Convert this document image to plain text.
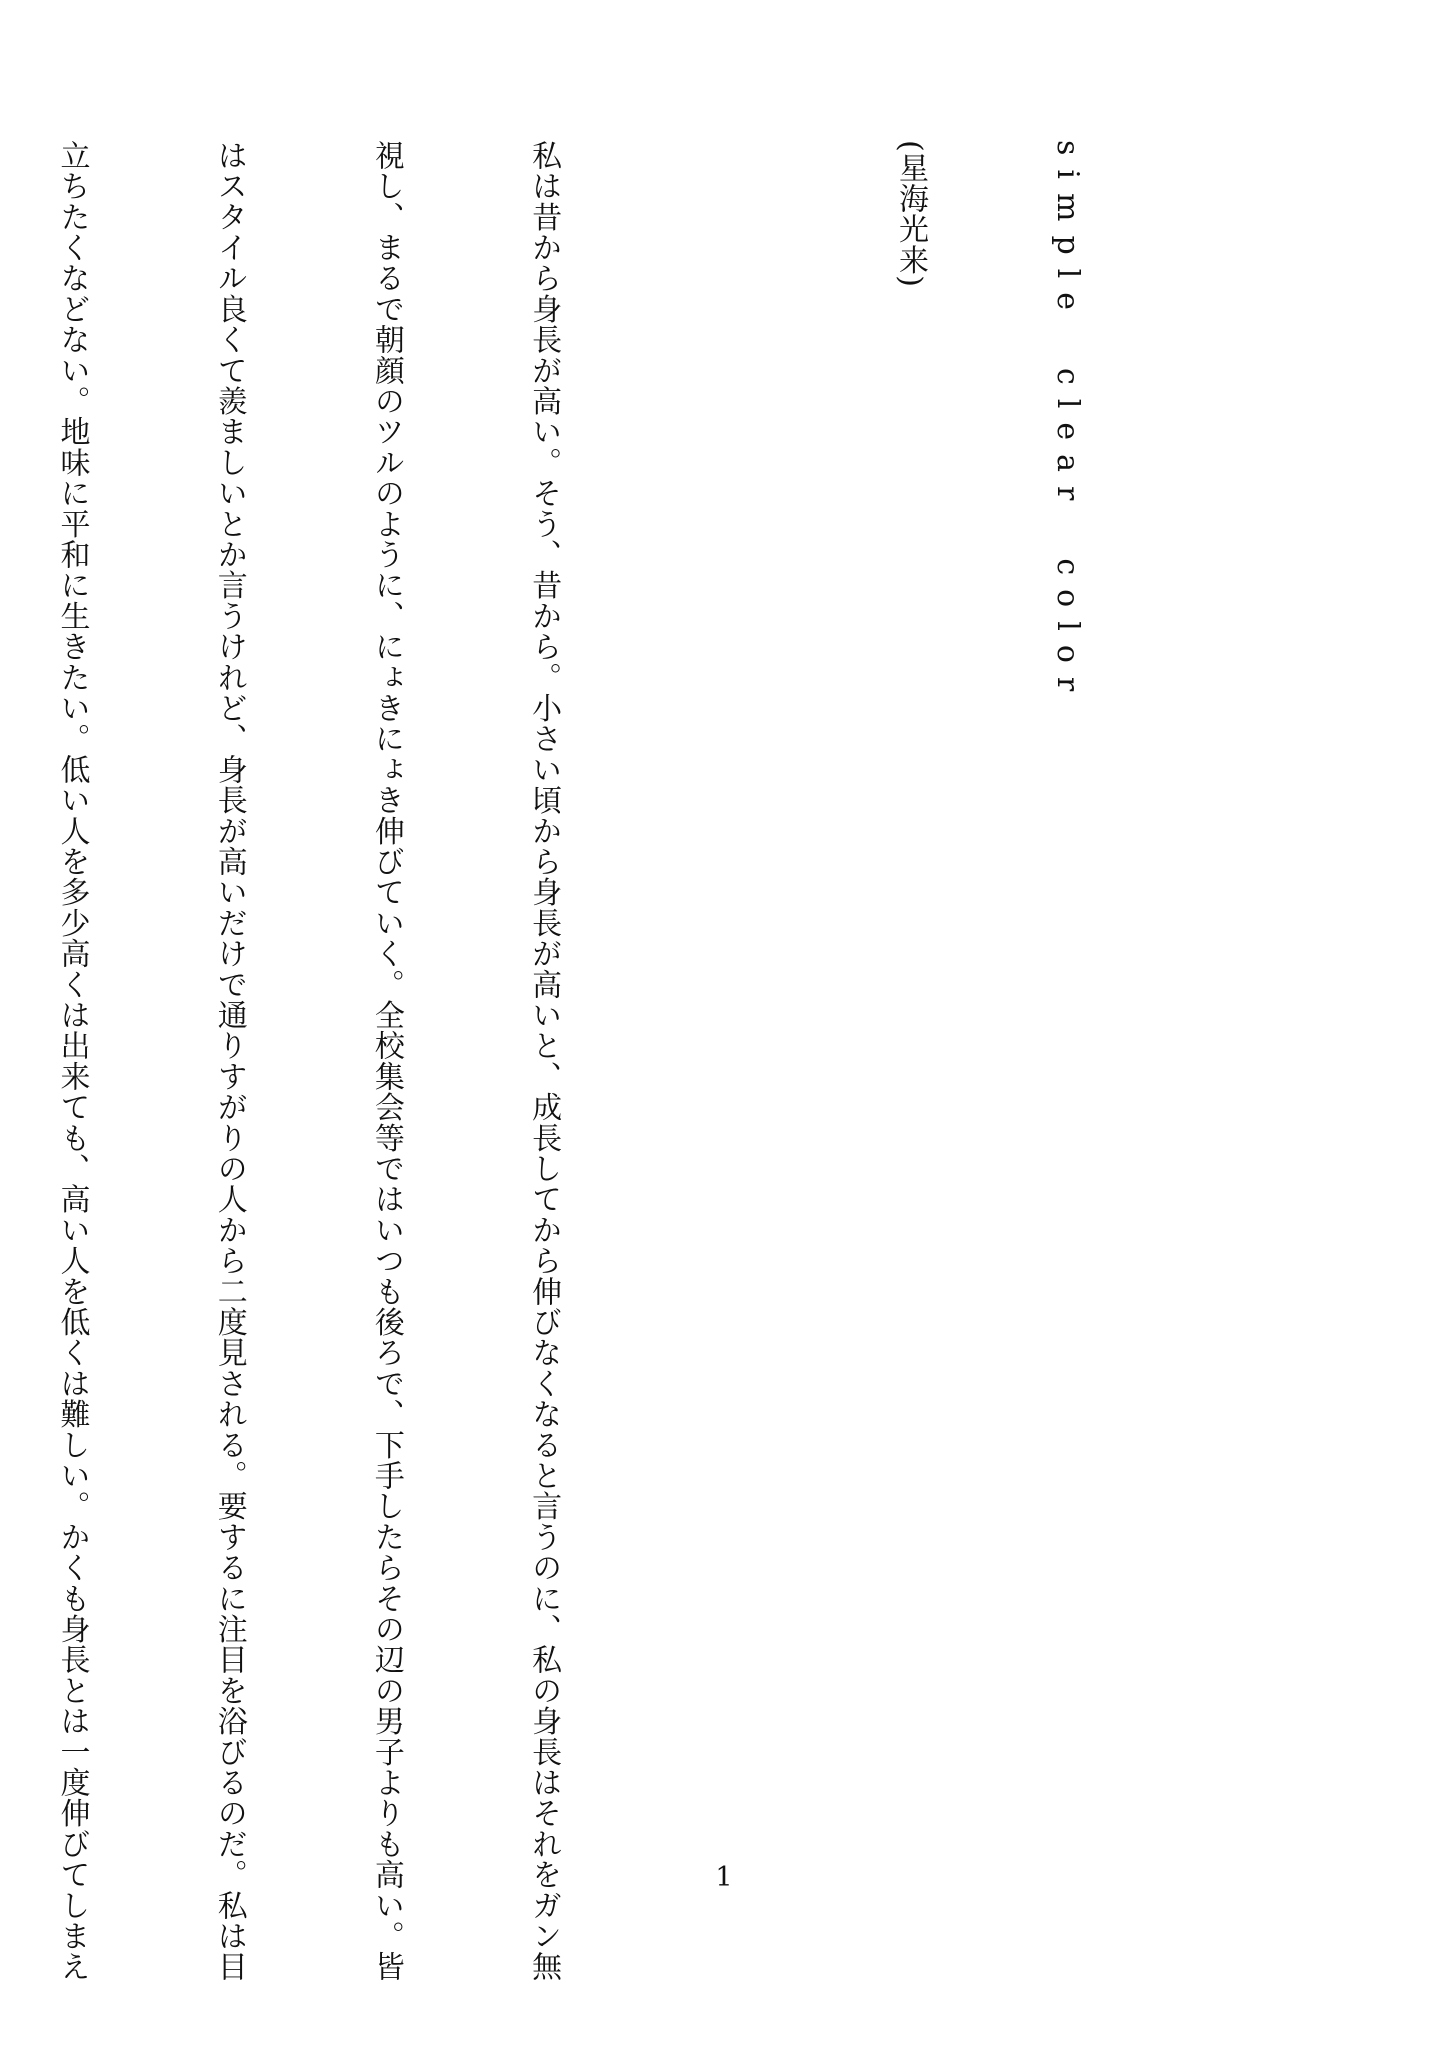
simple　clear　color

(星海光来)

私は昔から身長が高い。そう、昔から。小さい頃から身長が高いと、成長してから伸びなくなると言うのに、私の身長はそれをガン無

視し、まるで朝顔のツルのように、にょきにょき伸びていく。全校集会等ではいつも後ろで、下手したらその辺の男子よりも高い。皆

はスタイル良くて羨ましいとか言うけれど、身長が高いだけで通りすがりの人から二度見される。要するに注目を浴びるのだ。私は目

立ちたくなどない。地味に平和に生きたい。低い人を多少高くは出来ても、高い人を低くは難しい。かくも身長とは一度伸びてしまえ

	1
